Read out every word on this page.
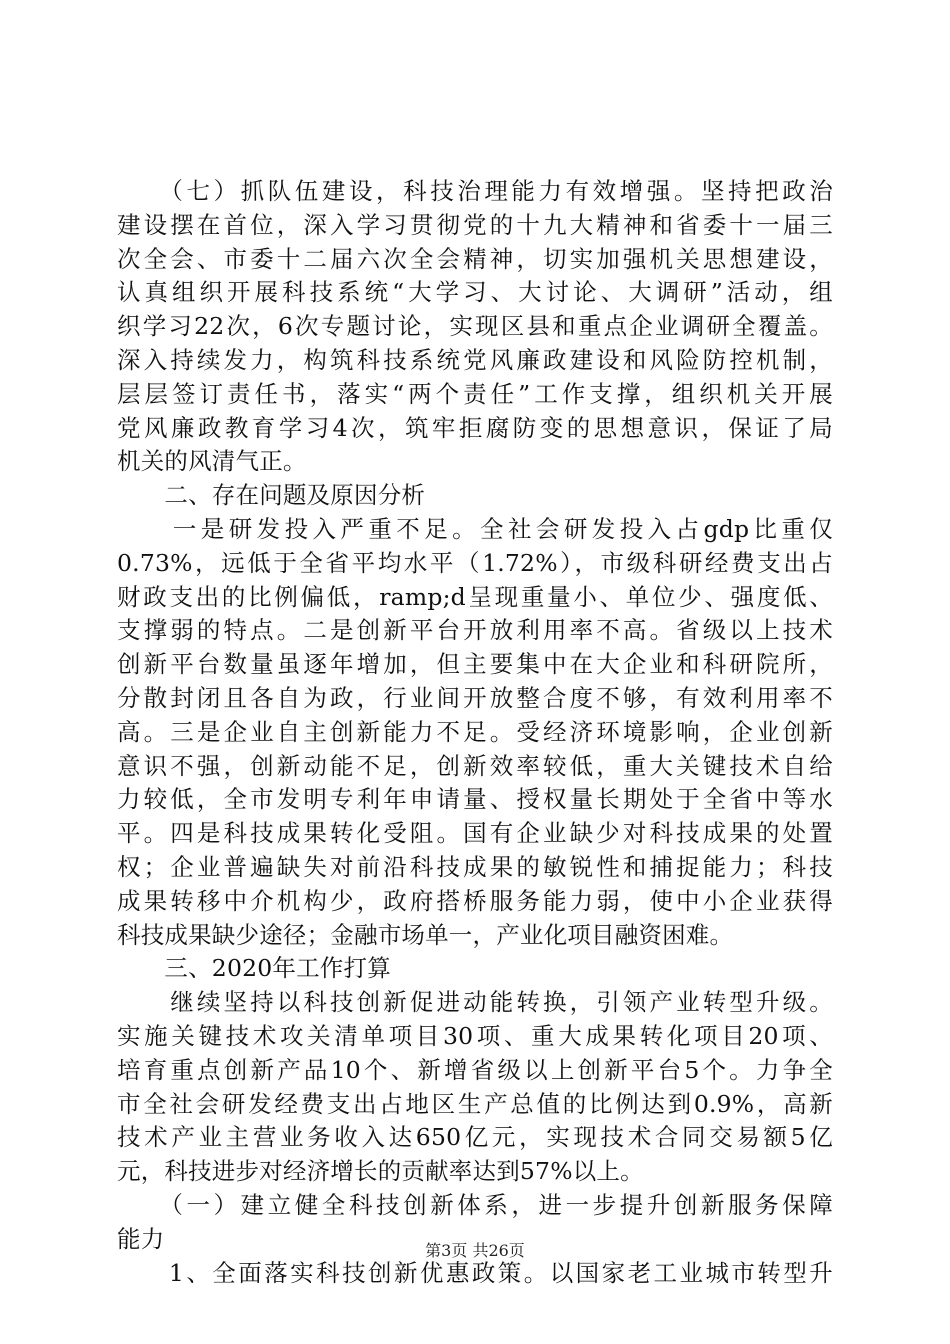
　　（七）抓队伍建设，科技治理能力有效增强。坚持把政治
建设摆在首位，深入学习贯彻党的十九大精神和省委十一届三
次全会、市委十二届六次全会精神，切实加强机关思想建设，
认真组织开展科技系统“大学习、大讨论、大调研”活动，组
织学习22次，6次专题讨论，实现区县和重点企业调研全覆盖。
深入持续发力，构筑科技系统党风廉政建设和风险防控机制，
层层签订责任书，落实“两个责任”工作支撑，组织机关开展
党风廉政教育学习4次，筑牢拒腐防变的思想意识，保证了局
机关的风清气正。
　　二、存在问题及原因分析
　　一是研发投入严重不足。全社会研发投入占gdp比重仅
0.73%，远低于全省平均水平（1.72%），市级科研经费支出占
财政支出的比例偏低，ramp;d呈现重量小、单位少、强度低、
支撑弱的特点。二是创新平台开放利用率不高。省级以上技术
创新平台数量虽逐年增加，但主要集中在大企业和科研院所，
分散封闭且各自为政，行业间开放整合度不够，有效利用率不
高。三是企业自主创新能力不足。受经济环境影响，企业创新
意识不强，创新动能不足，创新效率较低，重大关键技术自给
力较低，全市发明专利年申请量、授权量长期处于全省中等水
平。四是科技成果转化受阻。国有企业缺少对科技成果的处置
权；企业普遍缺失对前沿科技成果的敏锐性和捕捉能力；科技
成果转移中介机构少，政府搭桥服务能力弱，使中小企业获得
科技成果缺少途径；金融市场单一，产业化项目融资困难。
　　三、2020年工作打算
　　继续坚持以科技创新促进动能转换，引领产业转型升级。
实施关键技术攻关清单项目30项、重大成果转化项目20项、
培育重点创新产品10个、新增省级以上创新平台5个。力争全
市全社会研发经费支出占地区生产总值的比例达到0.9%，高新
技术产业主营业务收入达650亿元，实现技术合同交易额5亿
元，科技进步对经济增长的贡献率达到57%以上。
　　（一）建立健全科技创新体系，进一步提升创新服务保障
能力
　　1、全面落实科技创新优惠政策。以国家老工业城市转型升
第3页 共26页
